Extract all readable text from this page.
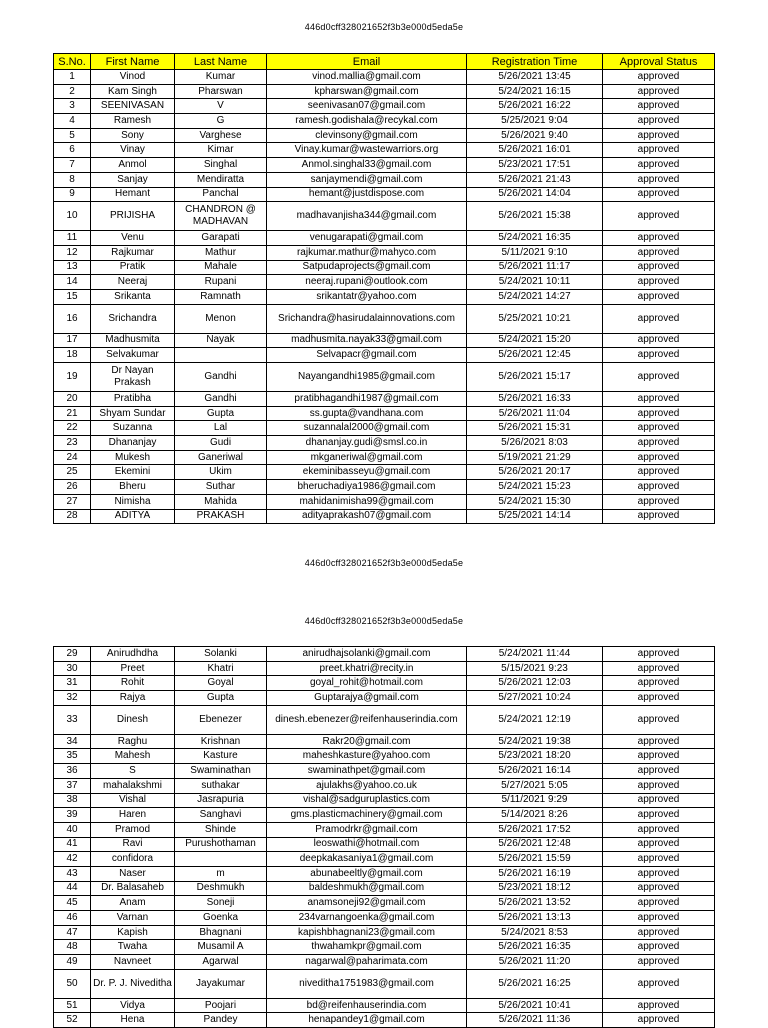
446d0cff328021652f3b3e000d5eda5e
S.No.	First Name	Last Name	Email	Registration Time	Approval Status
1	Vinod	Kumar	vinod.mallia@gmail.com	5/26/2021 13:45	approved
2	Kam Singh	Pharswan	kpharswan@gmail.com	5/24/2021 16:15	approved
3	SEENIVASAN	V	seenivasan07@gmail.com	5/26/2021 16:22	approved
4	Ramesh	G	ramesh.godishala@recykal.com	5/25/2021 9:04	approved
5	Sony	Varghese	clevinsony@gmail.com	5/26/2021 9:40	approved
6	Vinay	Kimar	Vinay.kumar@wastewarriors.org	5/26/2021 16:01	approved
7	Anmol	Singhal	Anmol.singhal33@gmail.com	5/23/2021 17:51	approved
8	Sanjay	Mendiratta	sanjaymendi@gmail.com	5/26/2021 21:43	approved
9	Hemant	Panchal	hemant@justdispose.com	5/26/2021 14:04	approved
10	PRIJISHA	CHANDRON @ MADHAVAN	madhavanjisha344@gmail.com	5/26/2021 15:38	approved
11	Venu	Garapati	venugarapati@gmail.com	5/24/2021 16:35	approved
12	Rajkumar	Mathur	rajkumar.mathur@mahyco.com	5/11/2021 9:10	approved
13	Pratik	Mahale	Satpudaprojects@gmail.com	5/26/2021 11:17	approved
14	Neeraj	Rupani	neeraj.rupani@outlook.com	5/24/2021 10:11	approved
15	Srikanta	Ramnath	srikantatr@yahoo.com	5/24/2021 14:27	approved
16	Srichandra	Menon	Srichandra@hasirudalainnovations.com	5/25/2021 10:21	approved
17	Madhusmita	Nayak	madhusmita.nayak33@gmail.com	5/24/2021 15:20	approved
18	Selvakumar		Selvapacr@gmail.com	5/26/2021 12:45	approved
19	Dr Nayan Prakash	Gandhi	Nayangandhi1985@gmail.com	5/26/2021 15:17	approved
20	Pratibha	Gandhi	pratibhagandhi1987@gmail.com	5/26/2021 16:33	approved
21	Shyam Sundar	Gupta	ss.gupta@vandhana.com	5/26/2021 11:04	approved
22	Suzanna	Lal	suzannalal2000@gmail.com	5/26/2021 15:31	approved
23	Dhananjay	Gudi	dhananjay.gudi@smsl.co.in	5/26/2021 8:03	approved
24	Mukesh	Ganeriwal	mkganeriwal@gmail.com	5/19/2021 21:29	approved
25	Ekemini	Ukim	ekeminibasseyu@gmail.com	5/26/2021 20:17	approved
26	Bheru	Suthar	bheruchadiya1986@gmail.com	5/24/2021 15:23	approved
27	Nimisha	Mahida	mahidanimisha99@gmail.com	5/24/2021 15:30	approved
28	ADITYA	PRAKASH	adityaprakash07@gmail.com	5/25/2021 14:14	approved
446d0cff328021652f3b3e000d5eda5e
446d0cff328021652f3b3e000d5eda5e
29	Anirudhdha	Solanki	anirudhajsolanki@gmail.com	5/24/2021 11:44	approved
30	Preet	Khatri	preet.khatri@recity.in	5/15/2021 9:23	approved
31	Rohit	Goyal	goyal_rohit@hotmail.com	5/26/2021 12:03	approved
32	Rajya	Gupta	Guptarajya@gmail.com	5/27/2021 10:24	approved
33	Dinesh	Ebenezer	dinesh.ebenezer@reifenhauserindia.com	5/24/2021 12:19	approved
34	Raghu	Krishnan	Rakr20@gmail.com	5/24/2021 19:38	approved
35	Mahesh	Kasture	maheshkasture@yahoo.com	5/23/2021 18:20	approved
36	S	Swaminathan	swaminathpet@gmail.com	5/26/2021 16:14	approved
37	mahalakshmi	suthakar	ajulakhs@yahoo.co.uk	5/27/2021 5:05	approved
38	Vishal	Jasrapuria	vishal@sadguruplastics.com	5/11/2021 9:29	approved
39	Haren	Sanghavi	gms.plasticmachinery@gmail.com	5/14/2021 8:26	approved
40	Pramod	Shinde	Pramodrkr@gmail.com	5/26/2021 17:52	approved
41	Ravi	Purushothaman	leoswathi@hotmail.com	5/26/2021 12:48	approved
42	confidora		deepkakasaniya1@gmail.com	5/26/2021 15:59	approved
43	Naser	m	abunabeeltly@gmail.com	5/26/2021 16:19	approved
44	Dr. Balasaheb	Deshmukh	baldeshmukh@gmail.com	5/23/2021 18:12	approved
45	Anam	Soneji	anamsoneji92@gmail.com	5/26/2021 13:52	approved
46	Varnan	Goenka	234varnangoenka@gmail.com	5/26/2021 13:13	approved
47	Kapish	Bhagnani	kapishbhagnani23@gmail.com	5/24/2021 8:53	approved
48	Twaha	Musamil A	thwahamkpr@gmail.com	5/26/2021 16:35	approved
49	Navneet	Agarwal	nagarwal@paharimata.com	5/26/2021 11:20	approved
50	Dr. P. J. Niveditha	Jayakumar	niveditha1751983@gmail.com	5/26/2021 16:25	approved
51	Vidya	Poojari	bd@reifenhauserindia.com	5/26/2021 10:41	approved
52	Hena	Pandey	henapandey1@gmail.com	5/26/2021 11:36	approved
